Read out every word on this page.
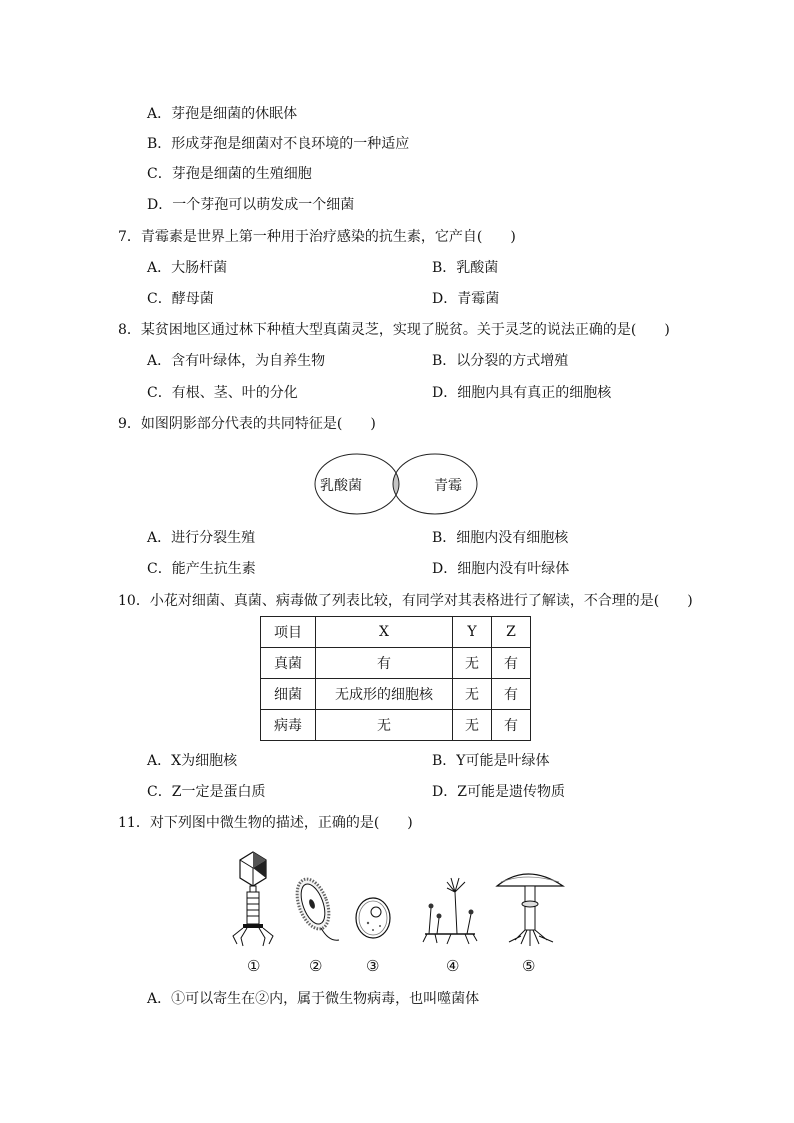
A．芽孢是细菌的休眠体
B．形成芽孢是细菌对不良环境的一种适应
C．芽孢是细菌的生殖细胞
D．一个芽孢可以萌发成一个细菌
7．青霉素是世界上第一种用于治疗感染的抗生素，它产自(　　)
A．大肠杆菌	B．乳酸菌
C．酵母菌	D．青霉菌
8．某贫困地区通过林下种植大型真菌灵芝，实现了脱贫。关于灵芝的说法正确的是(　　)
A．含有叶绿体，为自养生物	B．以分裂的方式增殖
C．有根、茎、叶的分化	D．细胞内具有真正的细胞核
9．如图阴影部分代表的共同特征是(　　)
乳酸菌	青霉
A．进行分裂生殖	B．细胞内没有细胞核
C．能产生抗生素	D．细胞内没有叶绿体
10．小花对细菌、真菌、病毒做了列表比较，有同学对其表格进行了解读，不合理的是(　　)
项目	X	Y	Z
真菌	有	无	有
细菌	无成形的细胞核	无	有
病毒	无	无	有
A．X为细胞核	B．Y可能是叶绿体
C．Z一定是蛋白质	D．Z可能是遗传物质
11．对下列图中微生物的描述，正确的是(　　)
①	②	③	④	⑤
A．①可以寄生在②内，属于微生物病毒，也叫噬菌体
